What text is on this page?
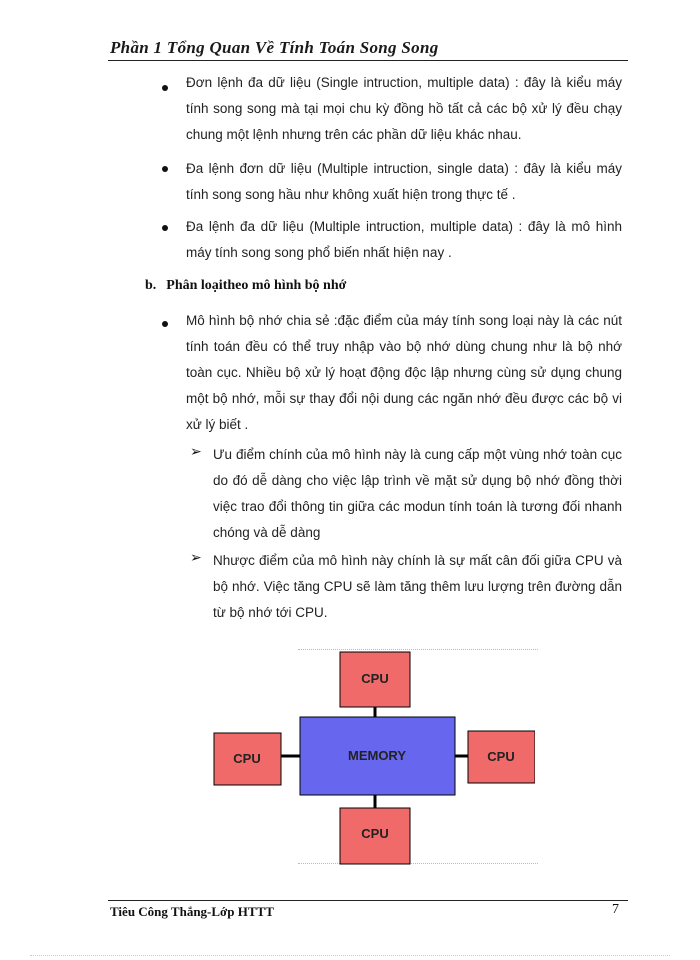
Phần 1 Tổng Quan Về Tính Toán Song Song
Đơn lệnh đa dữ liệu (Single intruction, multiple data) : đây là kiểu máy tính song song mà tại mọi chu kỳ đồng hồ tất cả các bộ xử lý đều chạy chung một lệnh nhưng trên các phần dữ liệu khác nhau.
Đa lệnh đơn dữ liệu (Multiple intruction, single data) : đây là kiểu máy tính song song hầu như không xuất hiện trong thực tế .
Đa lệnh đa dữ liệu (Multiple intruction, multiple data) : đây là mô hình máy tính song song phổ biến nhất hiện nay .
b. Phân loạitheo mô hình bộ nhớ
Mô hình bộ nhớ chia sẻ :đặc điểm của máy tính song loại này là các nút tính toán đều có thể truy nhập vào bộ nhớ dùng chung như là bộ nhớ toàn cục. Nhiều bộ xử lý hoạt động độc lập nhưng cùng sử dụng chung một bộ nhớ, mỗi sự thay đổi nội dung các ngăn nhớ đều được các bộ vi xử lý biết .
➢ Ưu điểm chính của mô hình này là cung cấp một vùng nhớ toàn cục do đó dễ dàng cho việc lập trình về mặt sử dụng bộ nhớ đồng thời việc trao đổi thông tin giữa các modun tính toán là tương đối nhanh chóng và dễ dàng
➢ Nhược điểm của mô hình này chính là sự mất cân đối giữa CPU và bộ nhớ. Việc tăng CPU sẽ làm tăng thêm lưu lượng trên đường dẫn từ bộ nhớ tới CPU.
MEMORY
CPU
CPU	CPU
CPU
Tiêu Công Thắng-Lớp HTTT	7
